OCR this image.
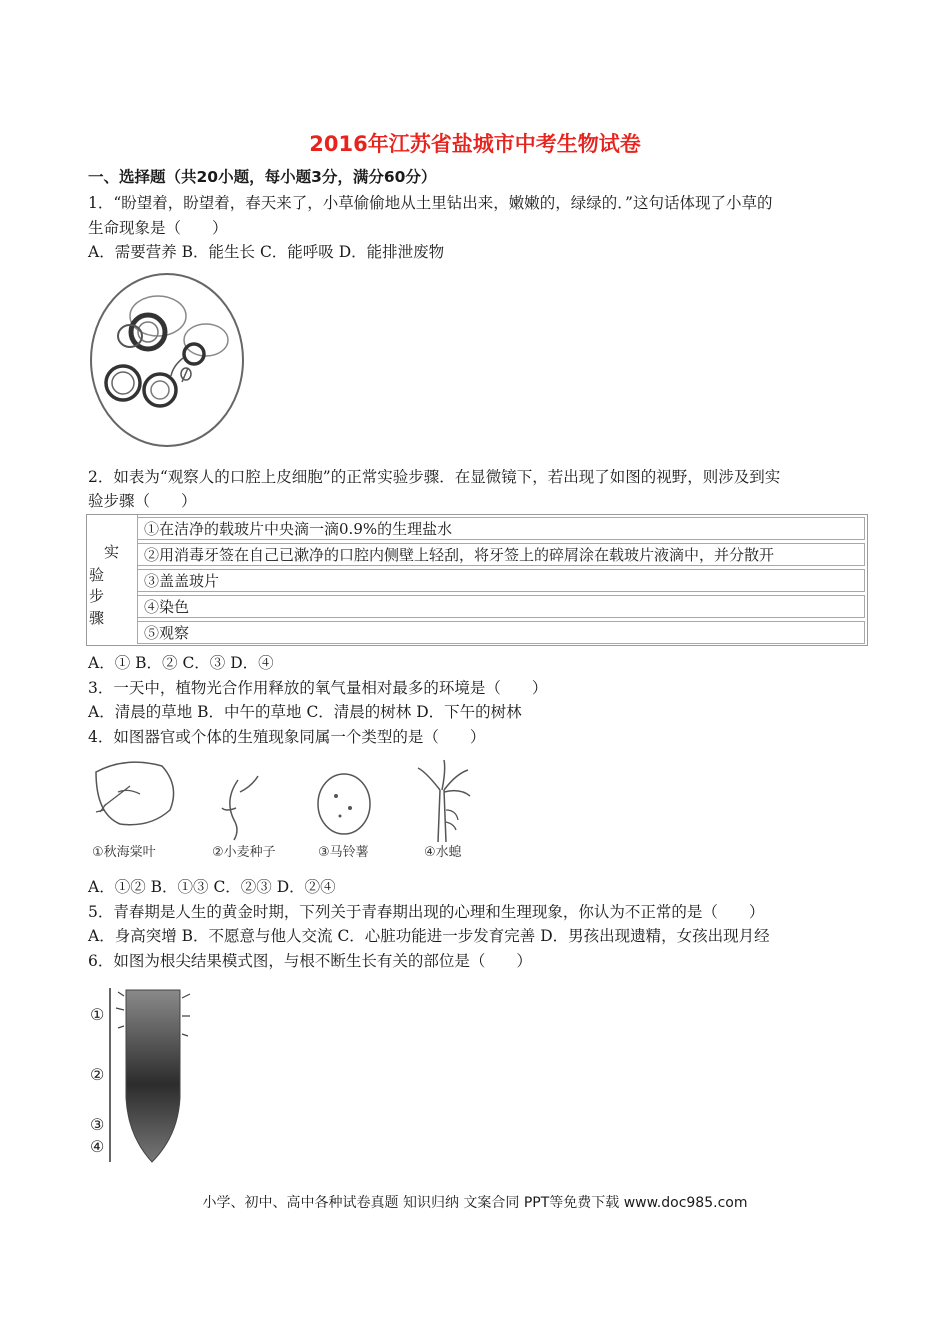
2016年江苏省盐城市中考生物试卷
一、选择题（共20小题，每小题3分，满分60分）
1．“盼望着，盼望着，春天来了，小草偷偷地从土里钻出来，嫩嫩的，绿绿的．”这句话体现了小草的
生命现象是（　　）
A．需要营养 B．能生长 C．能呼吸 D．能排泄废物
2．如表为“观察人的口腔上皮细胞”的正常实验步骤．在显微镜下，若出现了如图的视野，则涉及到实
验步骤（　　）
实
验
步
骤
①在洁净的载玻片中央滴一滴0.9%的生理盐水
②用消毒牙签在自己已漱净的口腔内侧壁上轻刮，将牙签上的碎屑涂在载玻片液滴中，并分散开
③盖盖玻片
④染色
⑤观察
A．① B．② C．③ D．④
3．一天中，植物光合作用释放的氧气量相对最多的环境是（　　）
A．清晨的草地 B．中午的草地 C．清晨的树林 D．下午的树林
4．如图器官或个体的生殖现象同属一个类型的是（　　）
①秋海棠叶	②小麦种子	③马铃薯	④水螅
A．①② B．①③ C．②③ D．②④
5．青春期是人生的黄金时期，下列关于青春期出现的心理和生理现象，你认为不正常的是（　　）
A．身高突增 B．不愿意与他人交流 C．心脏功能进一步发育完善 D．男孩出现遗精，女孩出现月经
6．如图为根尖结果模式图，与根不断生长有关的部位是（　　）
①
②
③
④
小学、初中、高中各种试卷真题 知识归纳 文案合同 PPT等免费下载 www.doc985.com
